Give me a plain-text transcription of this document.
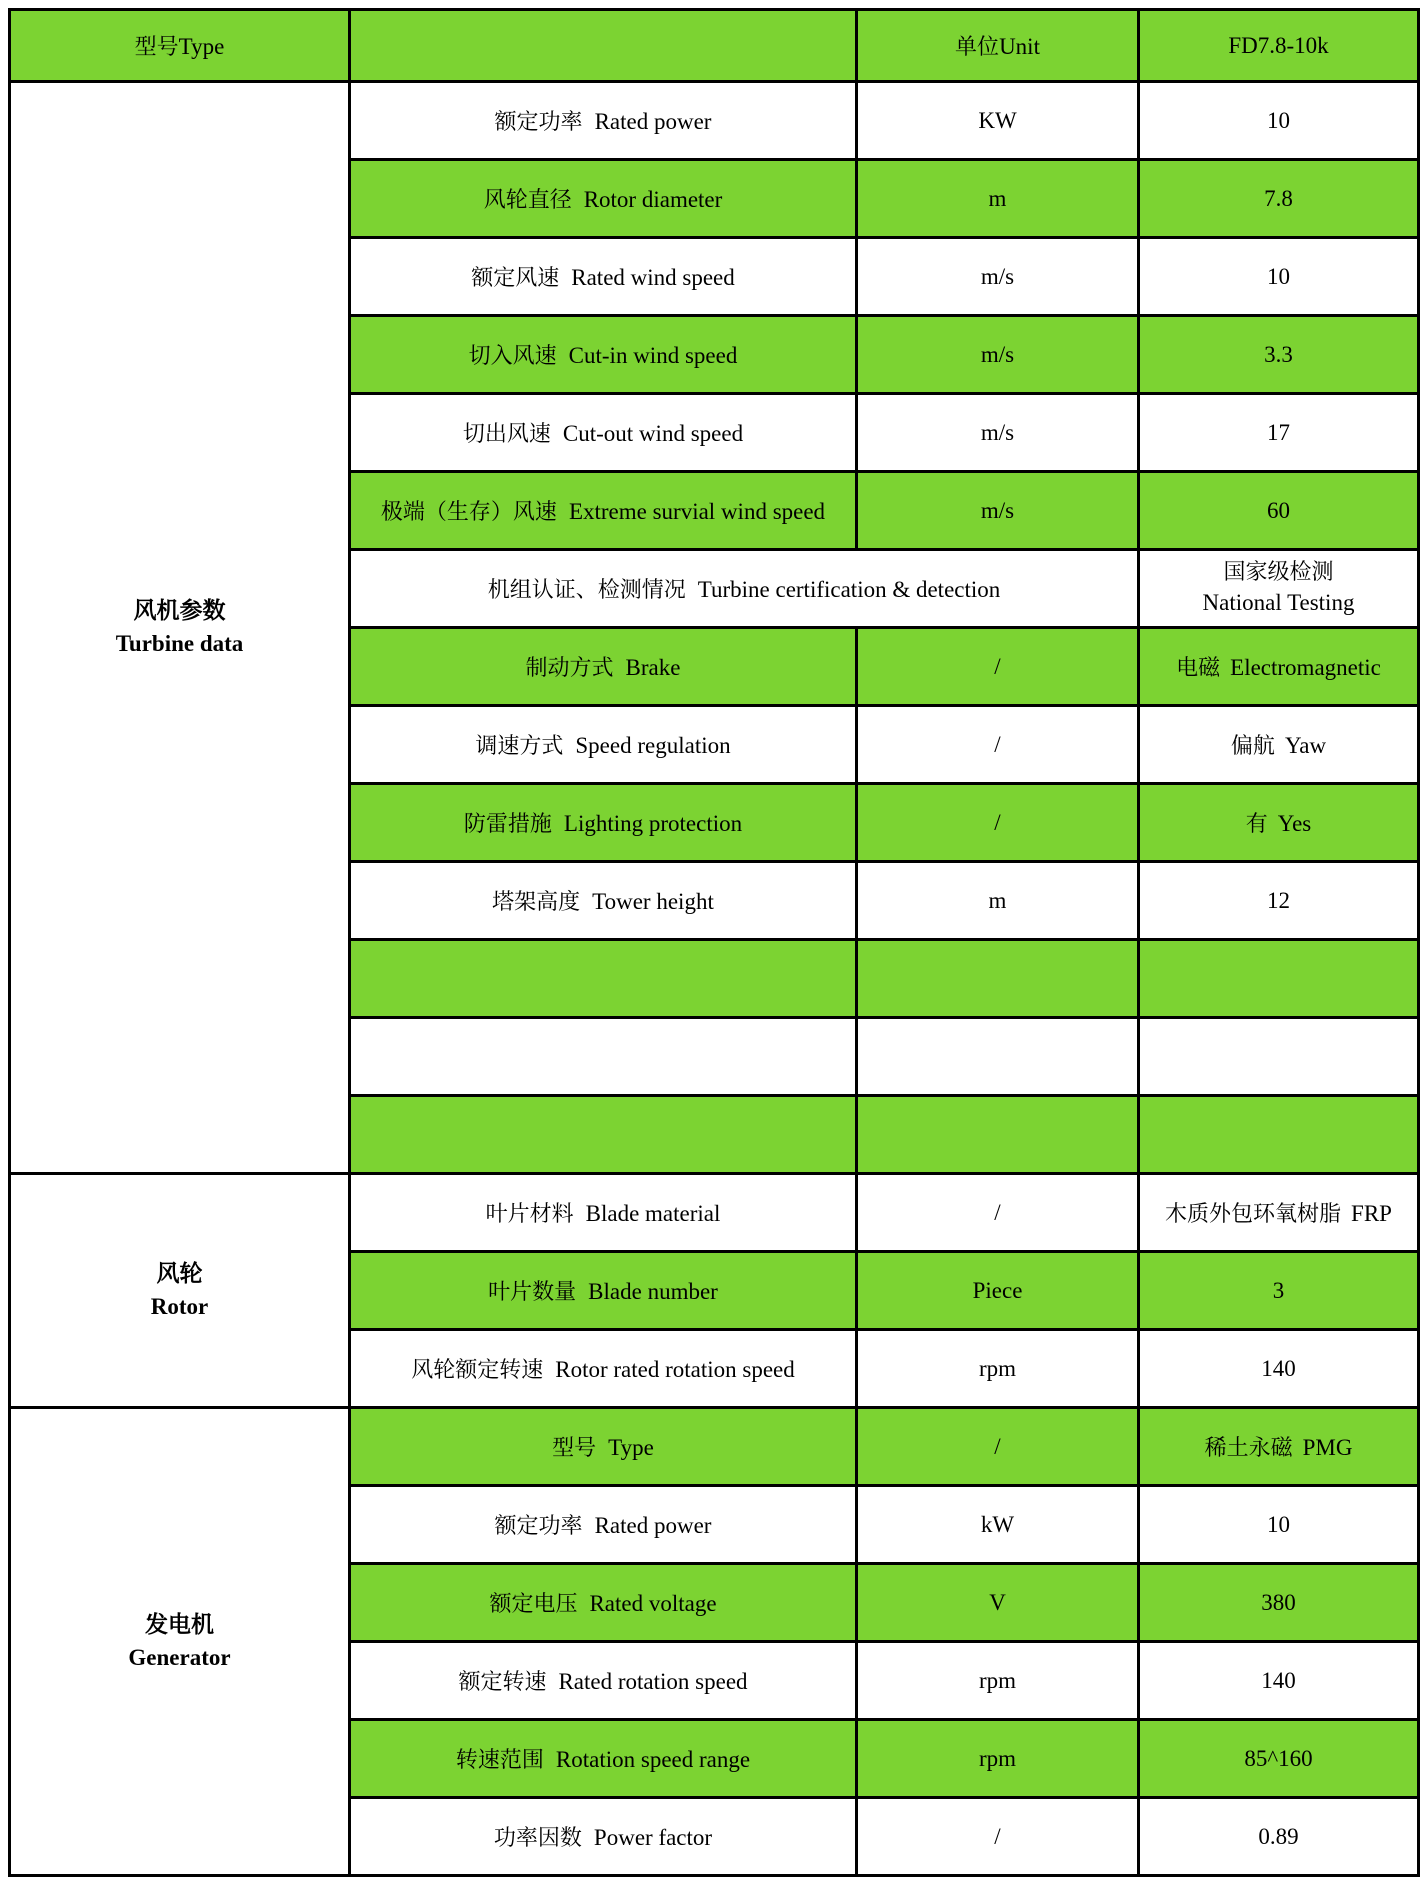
型号Type		单位Unit	FD7.8-10k

风机参数
Turbine data	额定功率 Rated power	KW	10
	风轮直径 Rotor diameter	m	7.8
	额定风速 Rated wind speed	m/s	10
	切入风速 Cut-in wind speed	m/s	3.3
	切出风速 Cut-out wind speed	m/s	17
	极端（生存）风速 Extreme survial wind speed	m/s	60
	机组认证、检测情况 Turbine certification & detection		国家级检测
National Testing

	制动方式 Brake	/	电磁 Electromagnetic
	调速方式 Speed regulation	/	偏航 Yaw
	防雷措施 Lighting protection	/	有 Yes
	塔架高度 Tower height	m	12

风轮
Rotor	叶片材料 Blade material	/	木质外包环氧树脂 FRP
	叶片数量 Blade number	Piece	3
	风轮额定转速 Rotor rated rotation speed	rpm	140

发电机
Generator	型号 Type	/	稀土永磁 PMG
	额定功率 Rated power	kW	10
	额定电压 Rated voltage	V	380
	额定转速 Rated rotation speed	rpm	140
	转速范围 Rotation speed range	rpm	85^160
	功率因数 Power factor	/	0.89
